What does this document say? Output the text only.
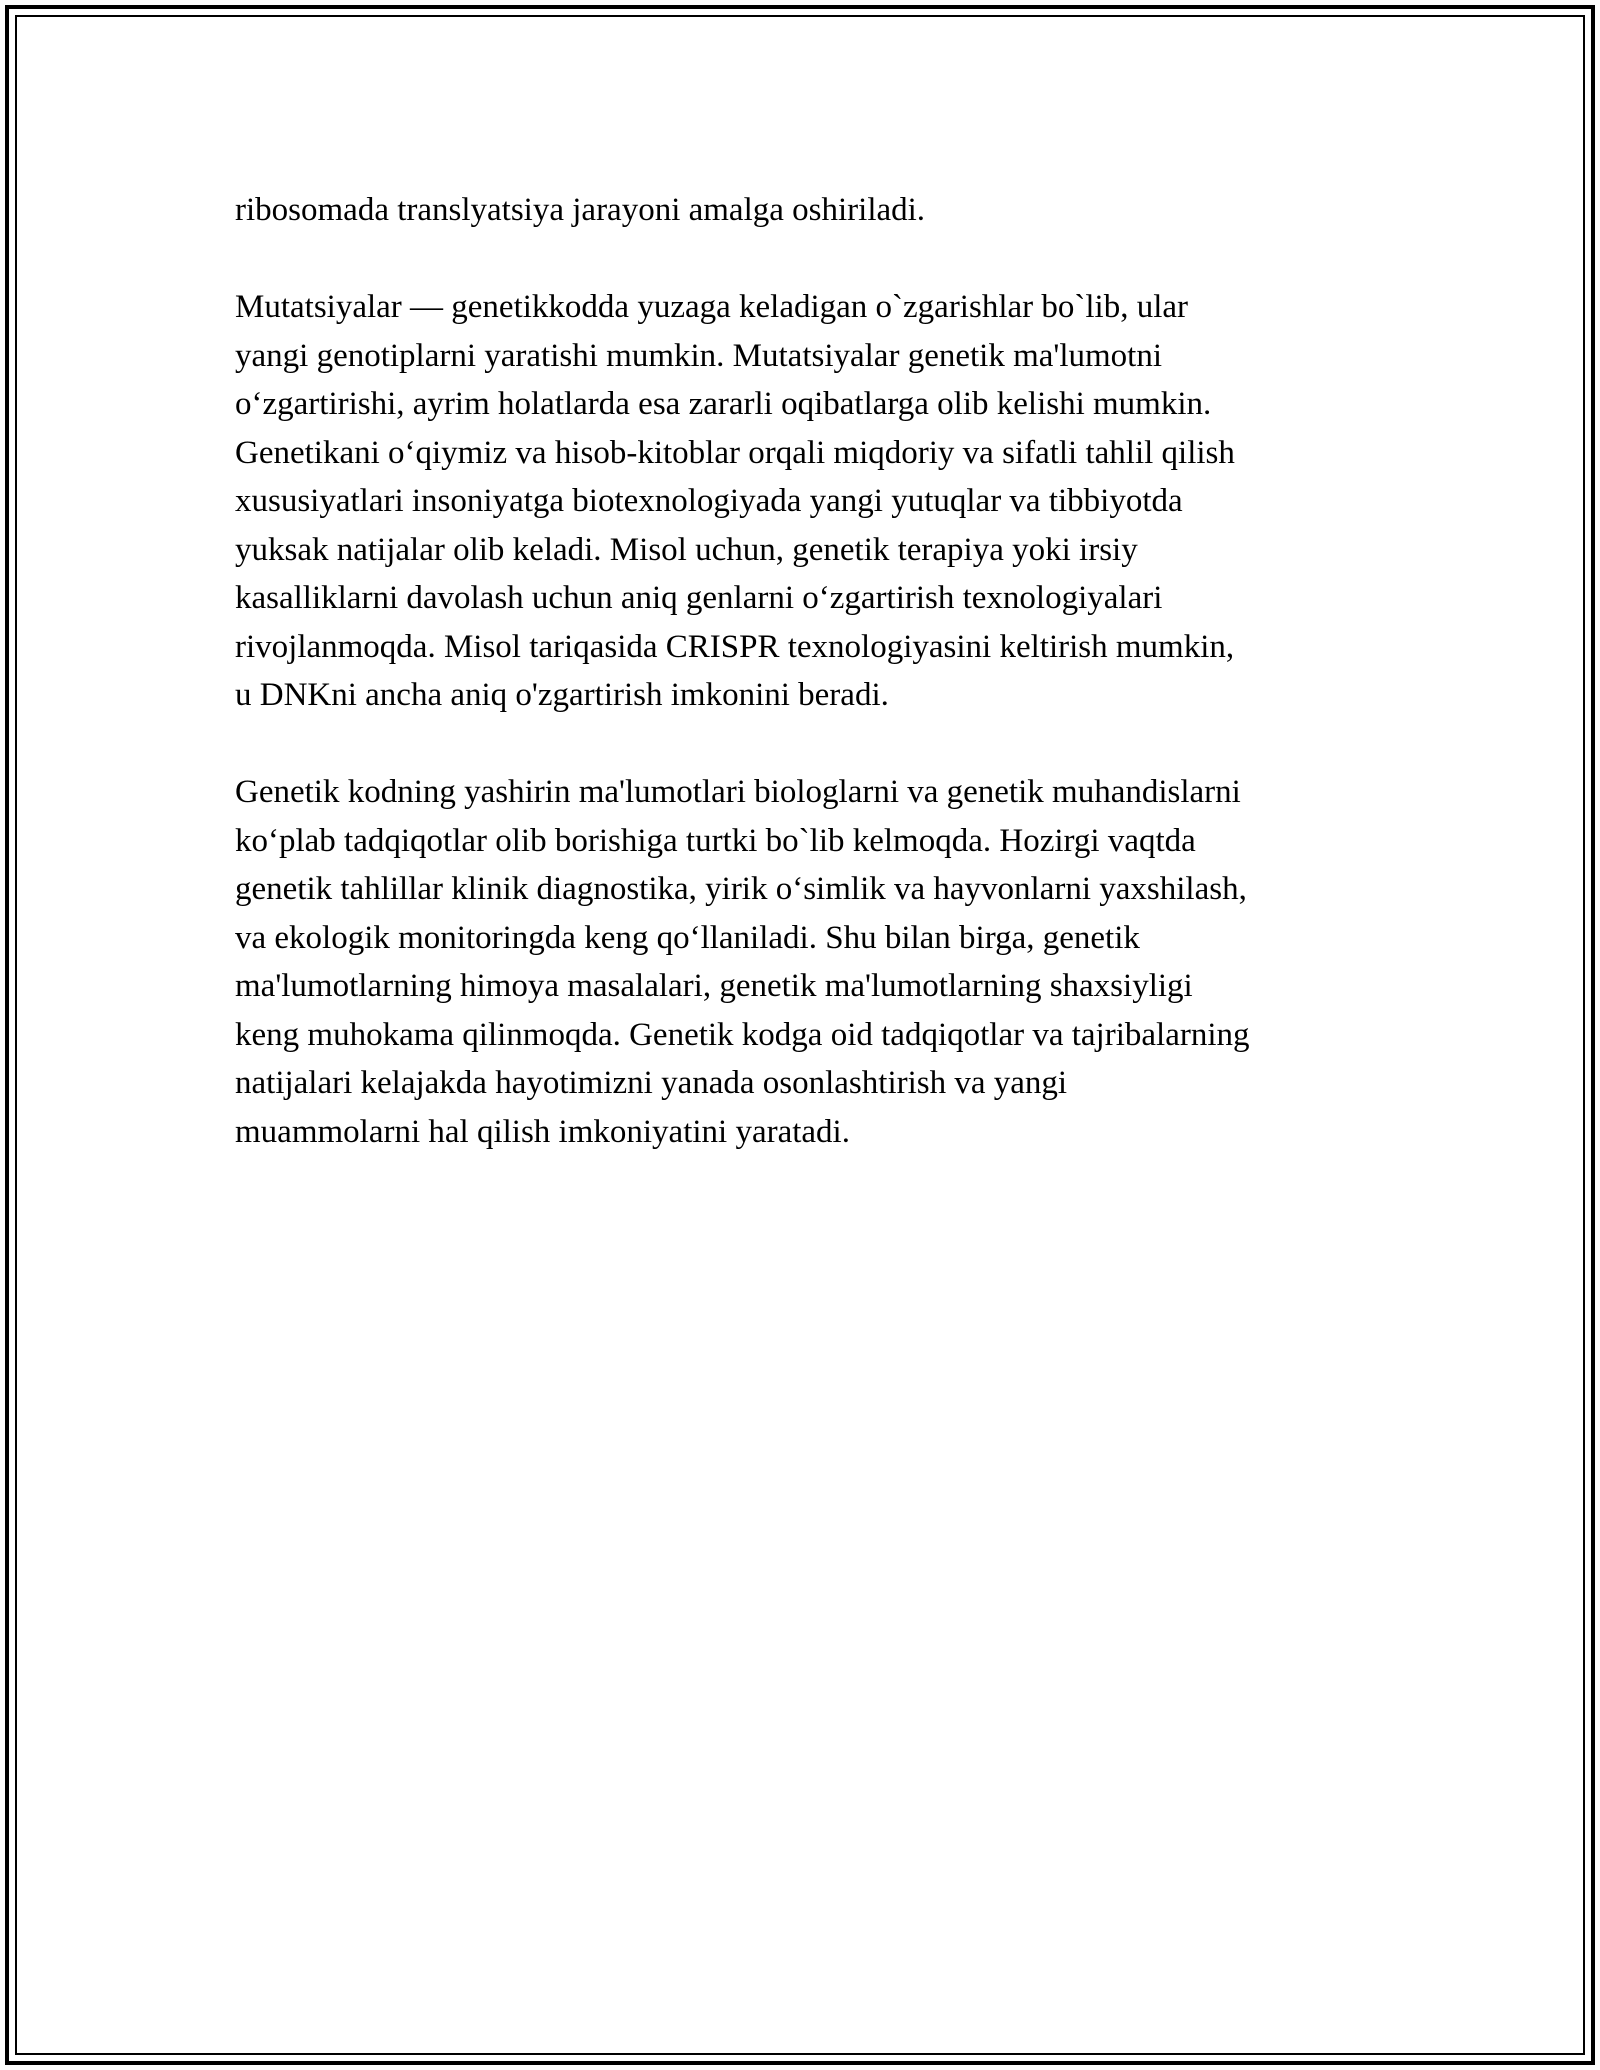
ribosomada translyatsiya jarayoni amalga oshiriladi.

Mutatsiyalar — genetikkodda yuzaga keladigan o`zgarishlar bo`lib, ular
yangi genotiplarni yaratishi mumkin. Mutatsiyalar genetik ma'lumotni
o‘zgartirishi, ayrim holatlarda esa zararli oqibatlarga olib kelishi mumkin.
Genetikani o‘qiymiz va hisob-kitoblar orqali miqdoriy va sifatli tahlil qilish
xususiyatlari insoniyatga biotexnologiyada yangi yutuqlar va tibbiyotda
yuksak natijalar olib keladi. Misol uchun, genetik terapiya yoki irsiy
kasalliklarni davolash uchun aniq genlarni o‘zgartirish texnologiyalari
rivojlanmoqda. Misol tariqasida CRISPR texnologiyasini keltirish mumkin,
u DNKni ancha aniq o'zgartirish imkonini beradi.

Genetik kodning yashirin ma'lumotlari biologlarni va genetik muhandislarni
ko‘plab tadqiqotlar olib borishiga turtki bo`lib kelmoqda. Hozirgi vaqtda
genetik tahlillar klinik diagnostika, yirik o‘simlik va hayvonlarni yaxshilash,
va ekologik monitoringda keng qo‘llaniladi. Shu bilan birga, genetik
ma'lumotlarning himoya masalalari, genetik ma'lumotlarning shaxsiyligi
keng muhokama qilinmoqda. Genetik kodga oid tadqiqotlar va tajribalarning
natijalari kelajakda hayotimizni yanada osonlashtirish va yangi
muammolarni hal qilish imkoniyatini yaratadi.
